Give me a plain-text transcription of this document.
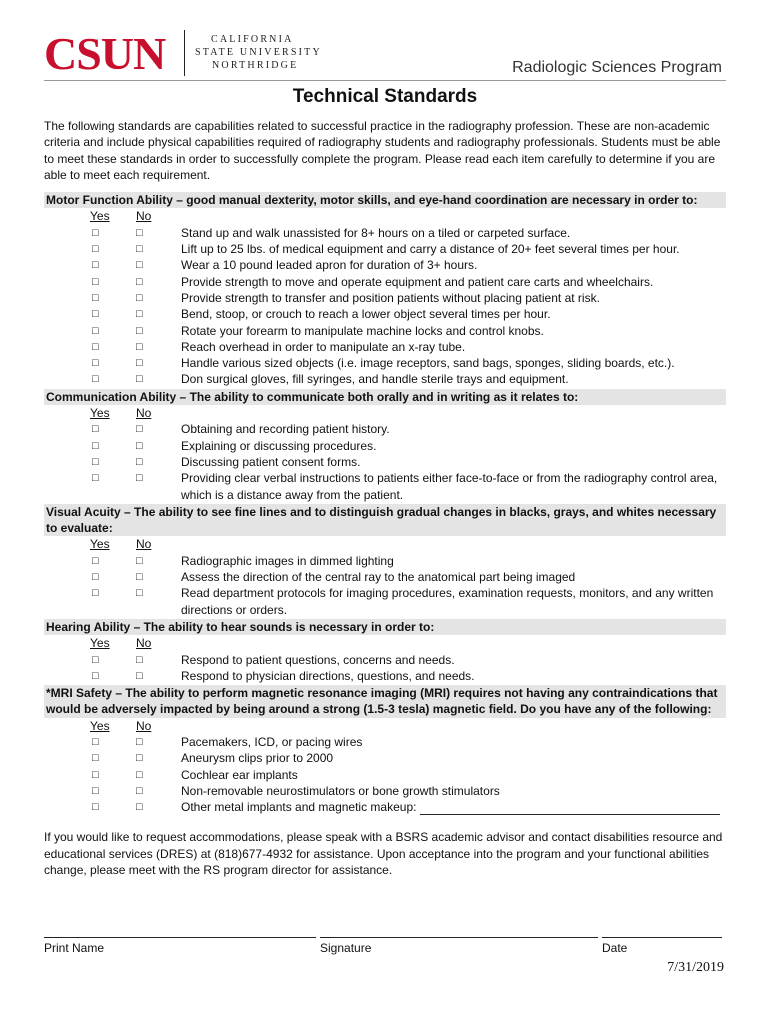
CSUN	CALIFORNIA
STATE UNIVERSITY
NORTHRIDGE	Radiologic Sciences Program
Technical Standards

The following standards are capabilities related to successful practice in the radiography profession. These are non-academic criteria and include physical capabilities required of radiography students and radiography professionals. Students must be able to meet these standards in order to successfully complete the program. Please read each item carefully to determine if you are able to meet each requirement.

Motor Function Ability – good manual dexterity, motor skills, and eye-hand coordination are necessary in order to:
Yes	No
□	□	Stand up and walk unassisted for 8+ hours on a tiled or carpeted surface.
□	□	Lift up to 25 lbs. of medical equipment and carry a distance of 20+ feet several times per hour.
□	□	Wear a 10 pound leaded apron for duration of 3+ hours.
□	□	Provide strength to move and operate equipment and patient care carts and wheelchairs.
□	□	Provide strength to transfer and position patients without placing patient at risk.
□	□	Bend, stoop, or crouch to reach a lower object several times per hour.
□	□	Rotate your forearm to manipulate machine locks and control knobs.
□	□	Reach overhead in order to manipulate an x-ray tube.
□	□	Handle various sized objects (i.e. image receptors, sand bags, sponges, sliding boards, etc.).
□	□	Don surgical gloves, fill syringes, and handle sterile trays and equipment.
Communication Ability – The ability to communicate both orally and in writing as it relates to:
Yes	No
□	□	Obtaining and recording patient history.
□	□	Explaining or discussing procedures.
□	□	Discussing patient consent forms.
□	□	Providing clear verbal instructions to patients either face-to-face or from the radiography control area, which is a distance away from the patient.
Visual Acuity – The ability to see fine lines and to distinguish gradual changes in blacks, grays, and whites necessary to evaluate:
Yes	No
□	□	Radiographic images in dimmed lighting
□	□	Assess the direction of the central ray to the anatomical part being imaged
□	□	Read department protocols for imaging procedures, examination requests, monitors, and any written directions or orders.
Hearing Ability – The ability to hear sounds is necessary in order to:
Yes	No
□	□	Respond to patient questions, concerns and needs.
□	□	Respond to physician directions, questions, and needs.
*MRI Safety – The ability to perform magnetic resonance imaging (MRI) requires not having any contraindications that would be adversely impacted by being around a strong (1.5-3 tesla) magnetic field. Do you have any of the following:
Yes	No
□	□	Pacemakers, ICD, or pacing wires
□	□	Aneurysm clips prior to 2000
□	□	Cochlear ear implants
□	□	Non-removable neurostimulators or bone growth stimulators
□	□	Other metal implants and magnetic makeup:

If you would like to request accommodations, please speak with a BSRS academic advisor and contact disabilities resource and educational services (DRES) at (818)677-4932 for assistance. Upon acceptance into the program and your functional abilities change, please meet with the RS program director for assistance.

Print Name	Signature	Date
7/31/2019
